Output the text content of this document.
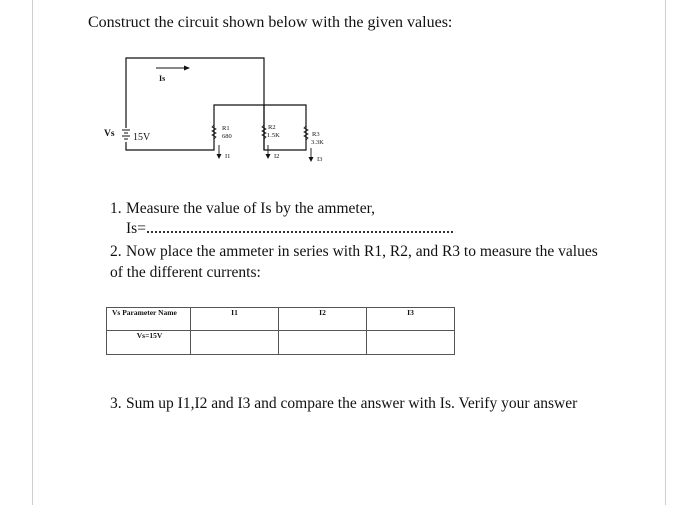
Construct the circuit shown below with the given values:
Vs 15V
Is
R1
680
R2
1.5K	R3
3.3K
I1	I2	I3
1. Measure the value of Is by the ammeter,
Is=
2. Now place the ammeter in series with R1, R2, and R3 to measure the values of the different currents:
Vs Parameter Name	I1	I2	I3
Vs=15V			
3. Sum up I1,I2 and I3 and compare the answer with Is. Verify your answer
